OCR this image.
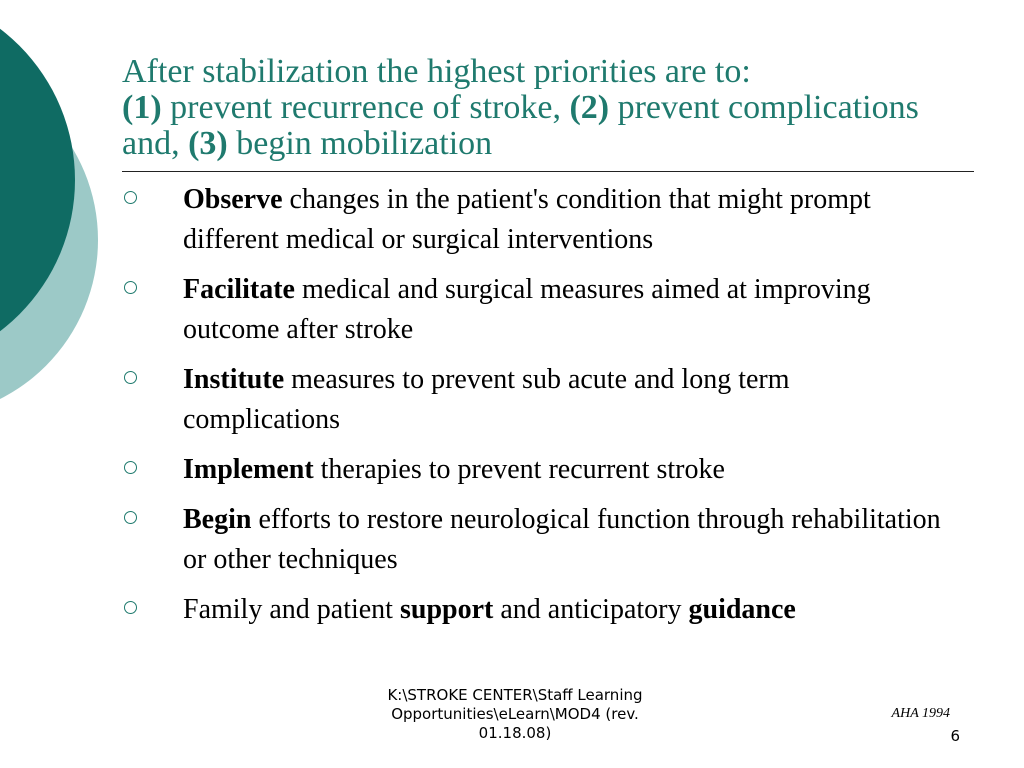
After stabilization the highest priorities are to:
(1) prevent recurrence of stroke, (2) prevent complications and, (3) begin mobilization
Observe changes in the patient's condition that might prompt different medical or surgical interventions
Facilitate medical and surgical measures aimed at improving outcome after stroke
Institute measures to prevent sub acute and long term complications
Implement therapies to prevent recurrent stroke
Begin efforts to restore neurological function through rehabilitation or other techniques
Family and patient support and anticipatory guidance
K:\STROKE CENTER\Staff Learning Opportunities\eLearn\MOD4 (rev. 01.18.08)
AHA 1994
6
